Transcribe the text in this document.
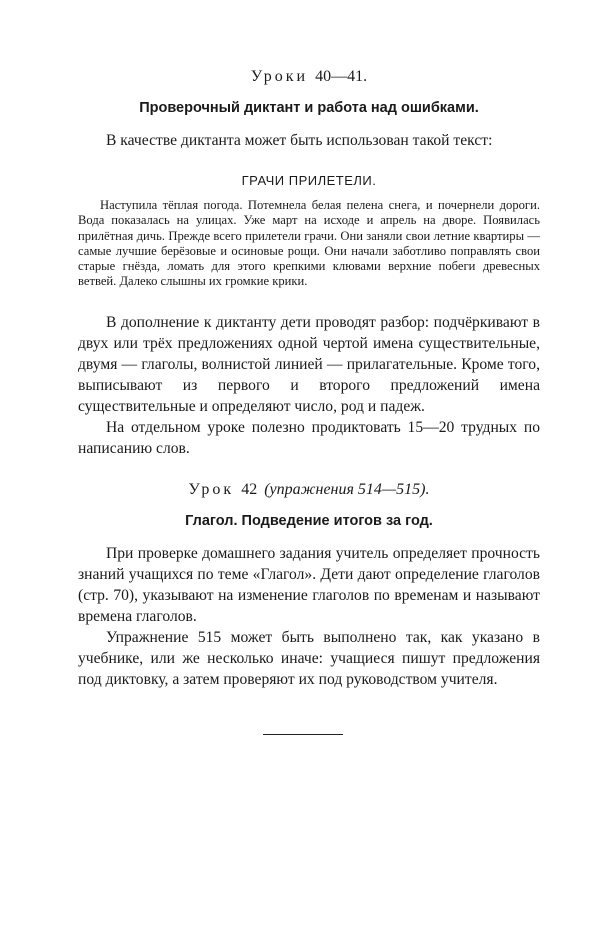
Уроки 40—41.
Проверочный диктант и работа над ошибками.

В качестве диктанта может быть использован такой текст:

ГРАЧИ ПРИЛЕТЕЛИ.

Наступила тёплая погода. Потемнела белая пелена снега, и почернели дороги. Вода показалась на улицах. Уже март на исходе и апрель на дворе. Появилась прилётная дичь. Прежде всего прилетели грачи. Они заняли свои летние квартиры — самые лучшие берёзовые и осиновые рощи. Они начали заботливо поправлять свои старые гнёзда, ломать для этого крепкими клювами верхние побеги древесных ветвей. Далеко слышны их громкие крики.

В дополнение к диктанту дети проводят разбор: подчёркивают в двух или трёх предложениях одной чертой имена существительные, двумя — глаголы, волнистой линией — прилагательные. Кроме того, выписывают из первого и второго предложений имена существительные и определяют число, род и падеж.

На отдельном уроке полезно продиктовать 15—20 трудных по написанию слов.

Урок 42 (упражнения 514—515).
Глагол. Подведение итогов за год.

При проверке домашнего задания учитель определяет прочность знаний учащихся по теме «Глагол». Дети дают определение глаголов (стр. 70), указывают на изменение глаголов по временам и называют времена глаголов.

Упражнение 515 может быть выполнено так, как указано в учебнике, или же несколько иначе: учащиеся пишут предложения под диктовку, а затем проверяют их под руководством учителя.
